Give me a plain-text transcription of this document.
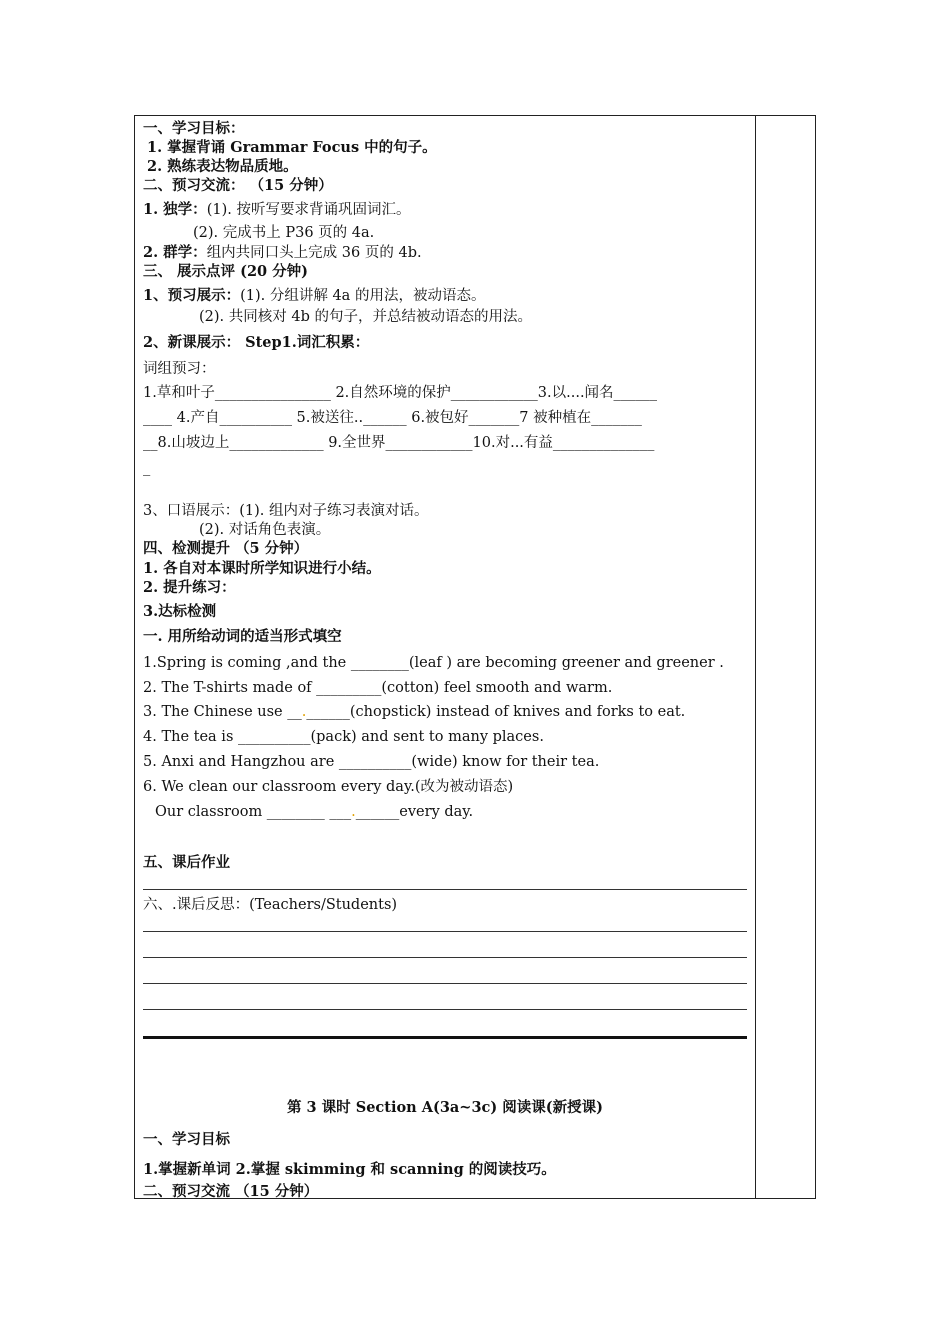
一、学习目标：
1. 掌握背诵 Grammar Focus 中的句子。
2. 熟练表达物品质地。
二、预习交流： （15 分钟）
1. 独学：(1). 按听写要求背诵巩固词汇。
(2). 完成书上 P36 页的 4a.
2. 群学：组内共同口头上完成 36 页的 4b.
三、 展示点评 (20 分钟)
1、预习展示：(1). 分组讲解 4a 的用法，被动语态。
(2). 共同核对 4b 的句子，并总结被动语态的用法。
2、新课展示： Step1.词汇积累：
词组预习：
1.草和叶子________________ 2.自然环境的保护____________3.以....闻名______
____ 4.产自__________ 5.被送往..______ 6.被包好_______7 被种植在_______
__8.山坡边上_____________ 9.全世界____________10.对...有益______________
_
3、口语展示：(1). 组内对子练习表演对话。
(2). 对话角色表演。
四、检测提升 （5 分钟）
1. 各自对本课时所学知识进行小结。
2. 提升练习：
3.达标检测
一. 用所给动词的适当形式填空
1.Spring is coming ,and the ________(leaf ) are becoming greener and greener .
2. The T-shirts made of _________(cotton) feel smooth and warm.
3. The Chinese use __.______(chopstick) instead of knives and forks to eat.
4. The tea is __________(pack) and sent to many places.
5. Anxi and Hangzhou are __________(wide) know for their tea.
6. We clean our classroom every day.(改为被动语态)
Our classroom ________ ___.______every day.
五、课后作业
六、.课后反思：(Teachers/Students)
第 3 课时 Section A(3a~3c) 阅读课(新授课)
一、学习目标
1.掌握新单词 2.掌握 skimming 和 scanning 的阅读技巧。
二、预习交流 （15 分钟）
